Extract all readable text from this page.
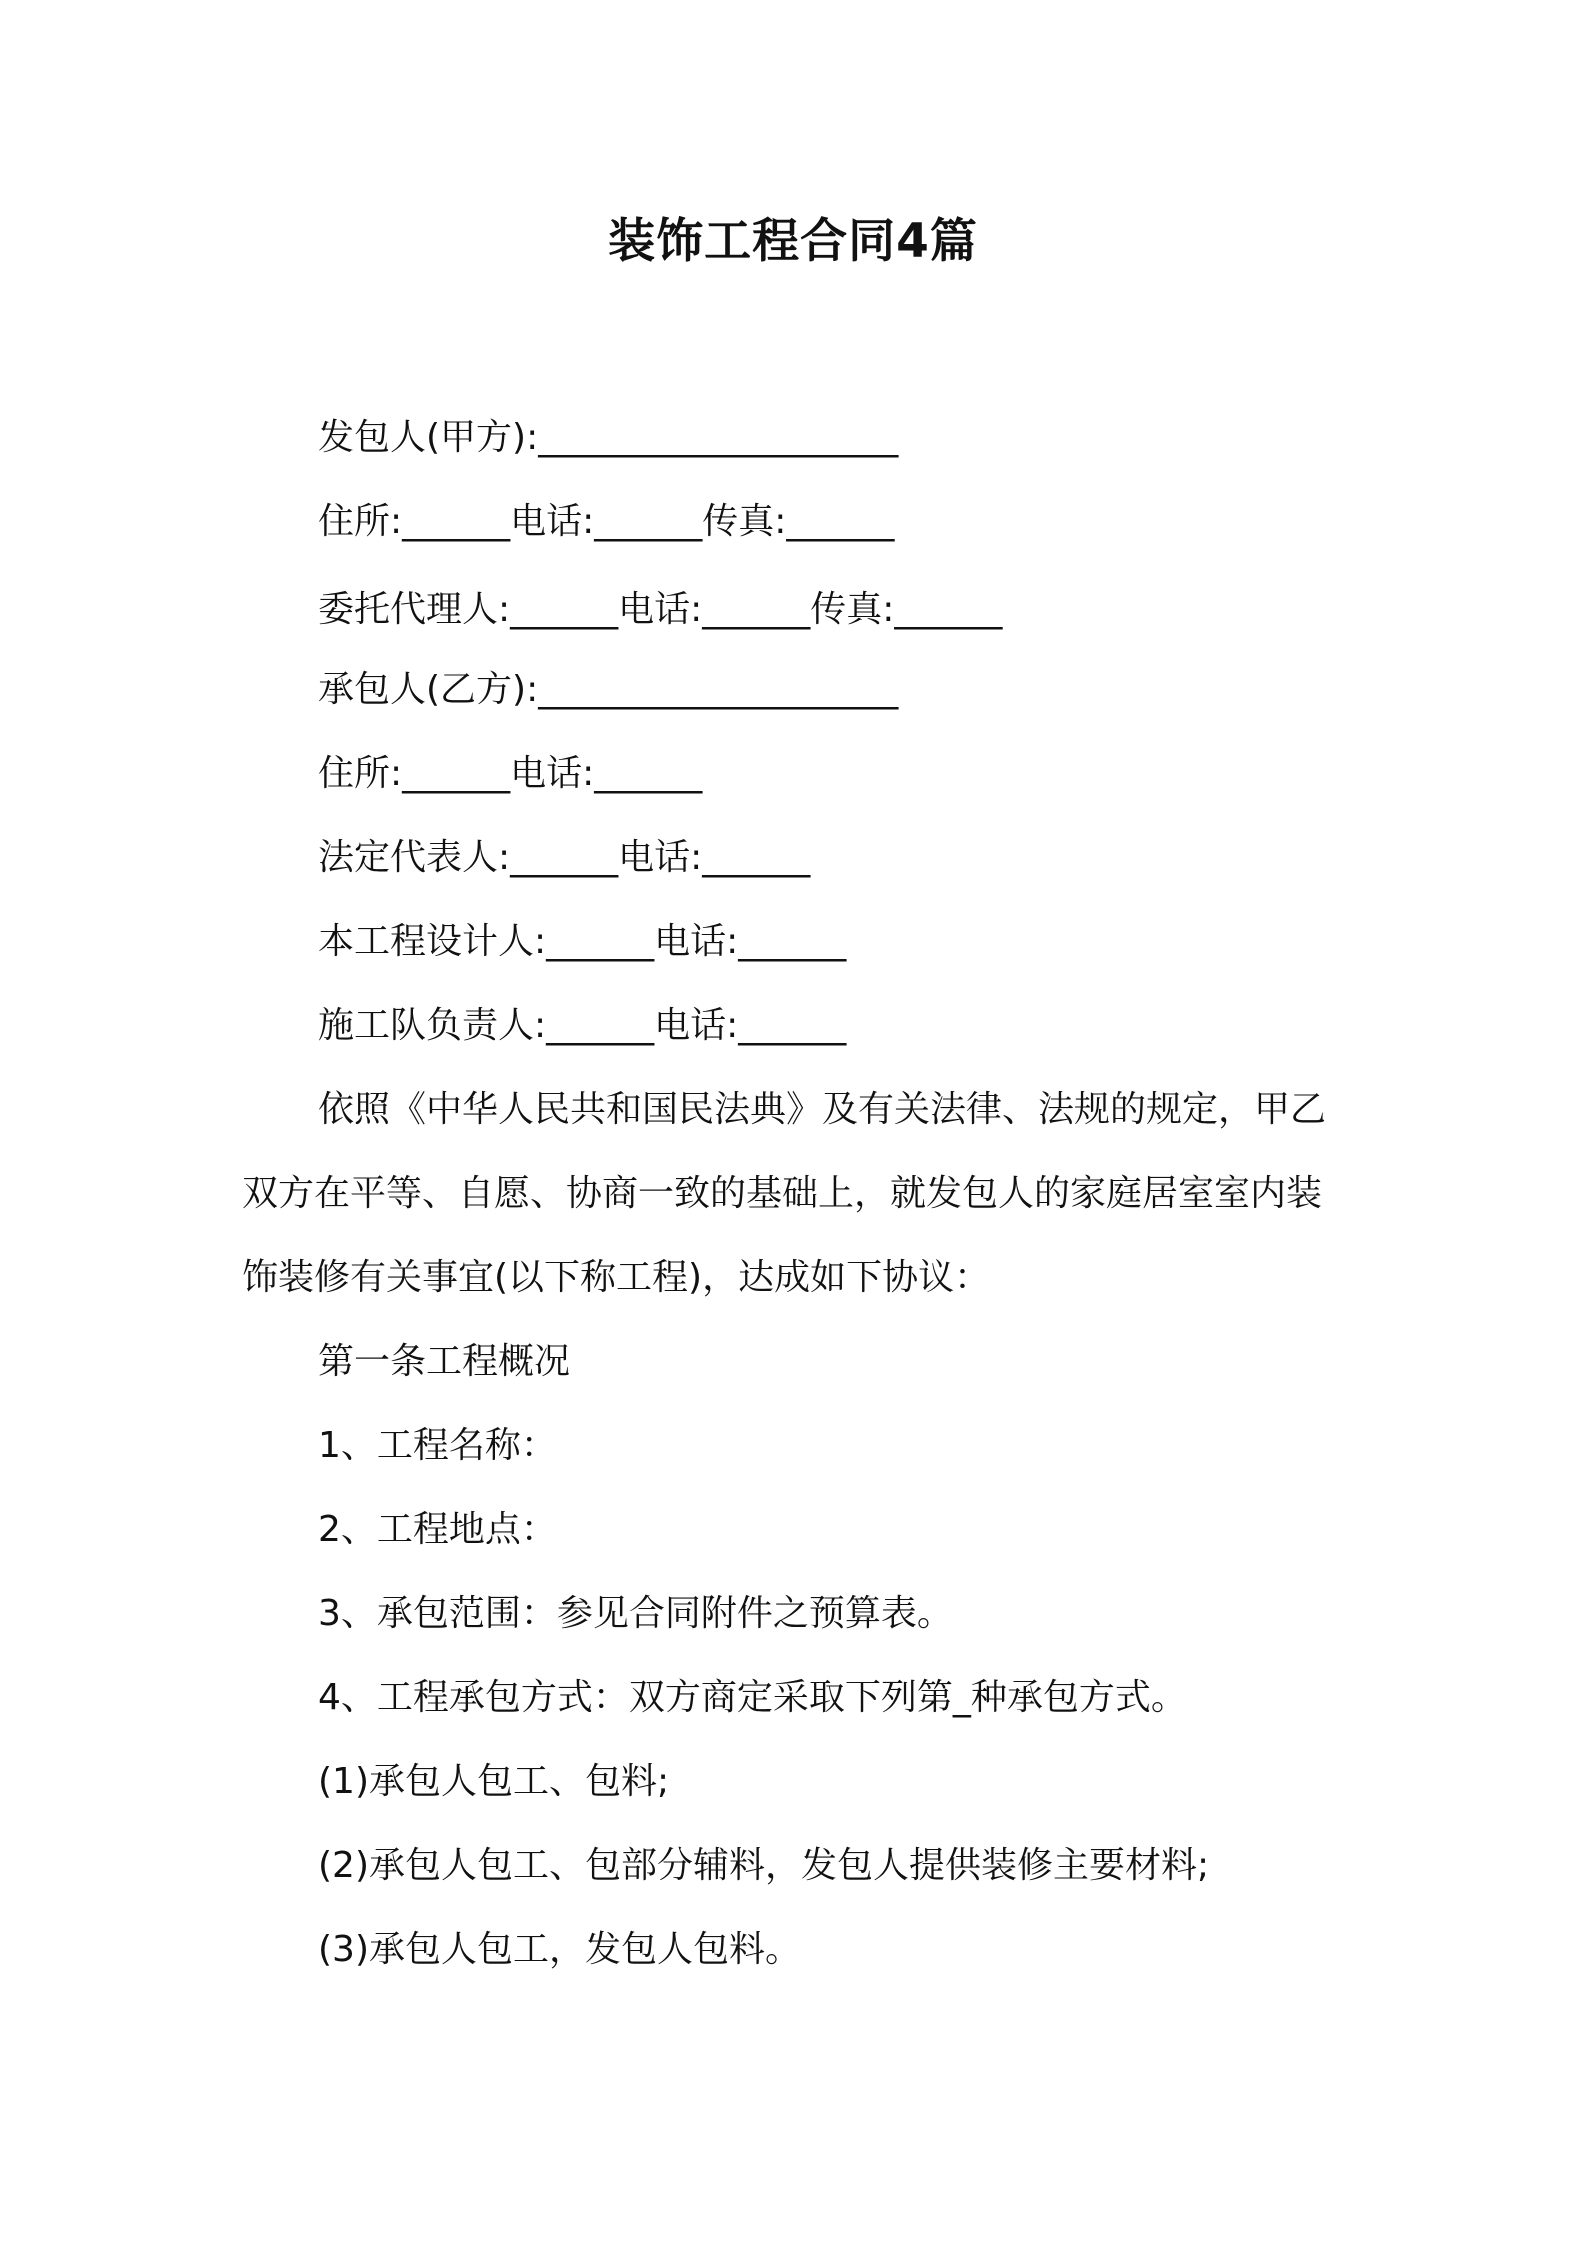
装饰工程合同4篇
发包人(甲方):____________________
住所:______电话:______传真:______
委托代理人:______电话:______传真:______
承包人(乙方):____________________
住所:______电话:______
法定代表人:______电话:______
本工程设计人:______电话:______
施工队负责人:______电话:______
依照《中华人民共和国民法典》及有关法律、法规的规定，甲乙
双方在平等、自愿、协商一致的基础上，就发包人的家庭居室室内装
饰装修有关事宜(以下称工程)，达成如下协议：
第一条工程概况
1、工程名称：
2、工程地点：
3、承包范围：参见合同附件之预算表。
4、工程承包方式：双方商定采取下列第_种承包方式。
(1)承包人包工、包料;
(2)承包人包工、包部分辅料，发包人提供装修主要材料;
(3)承包人包工，发包人包料。
